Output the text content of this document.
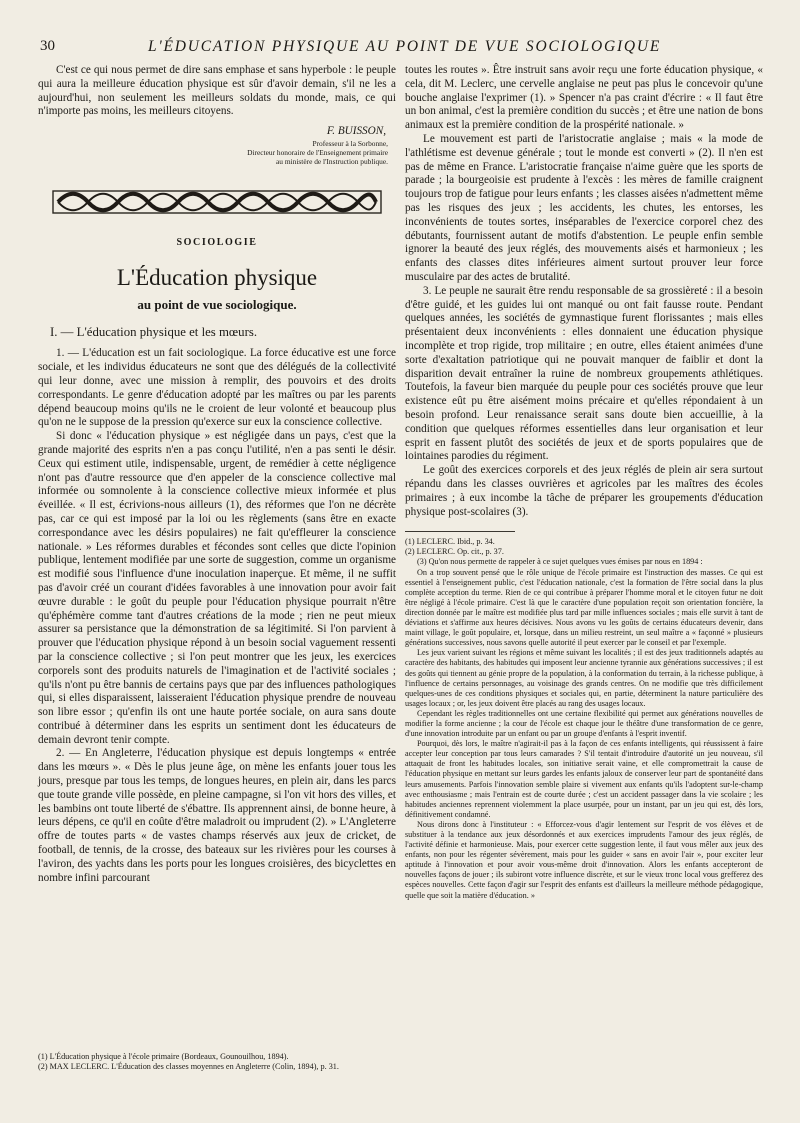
30	L'ÉDUCATION PHYSIQUE AU POINT DE VUE SOCIOLOGIQUE

C'est ce qui nous permet de dire sans emphase et sans hyperbole : le peuple qui aura la meilleure éducation physique est sûr d'avoir demain, s'il ne les a aujourd'hui, non seulement les meilleurs soldats du monde, mais, ce qui n'importe pas moins, les meilleurs citoyens.

F. BUISSON,
Professeur à la Sorbonne,
Directeur honoraire de l'Enseignement primaire
au ministère de l'Instruction publique.
SOCIOLOGIE
L'Éducation physique
au point de vue sociologique.
I. — L'éducation physique et les mœurs.

1. — L'éducation est un fait sociologique. La force éducative est une force sociale, et les individus éducateurs ne sont que des délégués de la collectivité qui leur donne, avec une mission à remplir, des pouvoirs et des droits correspondants. Le genre d'éducation adopté par les maîtres ou par les parents dépend beaucoup moins qu'ils ne le croient de leur volonté et beaucoup plus qu'on ne le suppose de la pression qu'exerce sur eux la conscience collective.

Si donc « l'éducation physique » est négligée dans un pays, c'est que la grande majorité des esprits n'en a pas conçu l'utilité, n'en a pas senti le désir. Ceux qui estiment utile, indispensable, urgent, de remédier à cette négligence n'ont pas d'autre ressource que d'en appeler de la conscience collective mal informée ou somnolente à la conscience collective mieux informée et plus éveillée. « Il est, écrivions-nous ailleurs (1), des réformes que l'on ne décrète pas, car ce qui est imposé par la loi ou les règlements (sans être en exacte correspondance avec les désirs populaires) ne fait qu'effleurer la conscience nationale. » Les réformes durables et fécondes sont celles que dicte l'opinion publique, lentement modifiée par une sorte de suggestion, comme un organisme est modifié sous l'influence d'une inoculation inaperçue. Et même, il ne suffit pas d'avoir créé un courant d'idées favorables à une innovation pour avoir fait œuvre durable : le goût du peuple pour l'éducation physique pourrait n'être qu'éphémère comme tant d'autres créations de la mode ; rien ne peut mieux assurer sa persistance que la démonstration de sa légitimité. Si l'on parvient à prouver que l'éducation physique répond à un besoin social vaguement ressenti par la conscience collective ; si l'on peut montrer que les jeux, les exercices corporels sont des produits naturels de l'imagination et de l'activité sociales ; qu'ils n'ont pu être bannis de certains pays que par des influences pathologiques qui, si elles disparaissent, laisseraient l'éducation physique prendre de nouveau son libre essor ; qu'enfin ils ont une haute portée sociale, on aura sans doute contribué à déterminer dans les esprits un sentiment dont les éducateurs de demain devront tenir compte.

2. — En Angleterre, l'éducation physique est depuis longtemps « entrée dans les mœurs ». « Dès le plus jeune âge, on mène les enfants jouer tous les jours, presque par tous les temps, de longues heures, en plein air, dans les parcs que toute grande ville possède, en pleine campagne, si l'on vit hors des villes, et les bambins ont toute liberté de s'ébattre. Ils apprennent ainsi, de bonne heure, à leurs dépens, ce qu'il en coûte d'être maladroit ou imprudent (2). » L'Angleterre offre de toutes parts « de vastes champs réservés aux jeux de cricket, de football, de tennis, de la crosse, des bateaux sur les rivières pour les courses à l'aviron, des yachts dans les ports pour les longues croisières, des bicyclettes en nombre infini parcourant

(1) L'Éducation physique à l'école primaire (Bordeaux, Gounouilhou, 1894).
(2) MAX LECLERC. L'Éducation des classes moyennes en Angleterre (Colin, 1894), p. 31.

toutes les routes ». Être instruit sans avoir reçu une forte éducation physique, « cela, dit M. Leclerc, une cervelle anglaise ne peut pas plus le concevoir qu'une bouche anglaise l'exprimer (1). » Spencer n'a pas craint d'écrire : « Il faut être un bon animal, c'est la première condition du succès ; et être une nation de bons animaux est la première condition de la prospérité nationale. »

Le mouvement est parti de l'aristocratie anglaise ; mais « la mode de l'athlétisme est devenue générale ; tout le monde est converti » (2). Il n'en est pas de même en France. L'aristocratie française n'aime guère que les sports de parade ; la bourgeoisie est prudente à l'excès : les mères de famille craignent toujours trop de fatigue pour leurs enfants ; les classes aisées n'admettent même pas les risques des jeux ; les accidents, les chutes, les entorses, les inconvénients de toutes sortes, inséparables de l'exercice corporel chez des débutants, fournissent autant de motifs d'abstention. Le peuple enfin semble ignorer la beauté des jeux réglés, des mouvements aisés et harmonieux ; les enfants des classes dites inférieures aiment surtout prouver leur force musculaire par des actes de brutalité.

3. Le peuple ne saurait être rendu responsable de sa grossièreté : il a besoin d'être guidé, et les guides lui ont manqué ou ont fait fausse route. Pendant quelques années, les sociétés de gymnastique furent florissantes ; mais elles présentaient deux inconvénients : elles donnaient une éducation physique incomplète et trop rigide, trop militaire ; en outre, elles étaient animées d'une sorte d'exaltation patriotique qui ne pouvait manquer de faiblir et dont la disparition devait entraîner la ruine de nombreux groupements athlétiques. Toutefois, la faveur bien marquée du peuple pour ces sociétés prouve que leur existence eût pu être aisément moins précaire et qu'elles répondaient à un besoin profond. Leur renaissance serait sans doute bien accueillie, à la condition que quelques réformes essentielles dans leur organisation et leur esprit en fassent plutôt des sociétés de jeux et de sports populaires que de lointaines parodies du régiment.

Le goût des exercices corporels et des jeux réglés de plein air sera surtout répandu dans les classes ouvrières et agricoles par les maîtres des écoles primaires ; à eux incombe la tâche de préparer les groupements d'éducation physique post-scolaires (3).

(1) LECLERC. Ibid., p. 34.
(2) LECLERC. Op. cit., p. 37.

(3) Qu'on nous permette de rappeler à ce sujet quelques vues émises par nous en 1894 :

On a trop souvent pensé que le rôle unique de l'école primaire est l'instruction des masses. Ce qui est essentiel à l'enseignement public, c'est l'éducation nationale, c'est la formation de l'être social dans la plus complète acception du terme. Rien de ce qui contribue à préparer l'homme moral et le citoyen futur ne doit être négligé à l'école primaire. C'est là que le caractère d'une population reçoit son orientation foncière, la direction donnée par le maître est modifiée plus tard par mille influences sociales ; mais elle survit à tant de déviations et s'affirme aux heures décisives. Nous avons vu les goûts de certains éducateurs devenir, dans maint village, le goût populaire, et, lorsque, dans un milieu restreint, un seul maître a « façonné » plusieurs générations successives, nous savons quelle autorité il peut exercer par le conseil et par l'exemple.

Les jeux varient suivant les régions et même suivant les localités ; il est des jeux traditionnels adaptés au caractère des habitants, des habitudes qui imposent leur ancienne tyrannie aux générations successives ; il est des goûts qui tiennent au génie propre de la population, à la conformation du terrain, à la richesse publique, à l'influence de certains personnages, au voisinage des grands centres. On ne modifie que très difficilement quelques-unes de ces conditions physiques et sociales qui, en partie, déterminent la nature particulière des usages locaux ; or, les jeux doivent être placés au rang des usages locaux.

Cependant les règles traditionnelles ont une certaine flexibilité qui permet aux générations nouvelles de modifier la forme ancienne ; la cour de l'école est chaque jour le théâtre d'une transformation de ce genre, d'une innovation introduite par un enfant ou par un groupe d'enfants à l'esprit inventif.

Pourquoi, dès lors, le maître n'agirait-il pas à la façon de ces enfants intelligents, qui réussissent à faire accepter leur conception par tous leurs camarades ? S'il tentait d'introduire d'autorité un jeu nouveau, s'il attaquait de front les habitudes locales, son initiative serait vaine, et elle compromettrait la cause de l'éducation physique en mettant sur leurs gardes les enfants jaloux de conserver leur part de spontanéité dans leurs amusements. Parfois l'innovation semble plaire si vivement aux enfants qu'ils l'adoptent sur-le-champ avec enthousiasme ; mais l'entrain est de courte durée ; c'est un accident passager dans la vie scolaire ; les habitudes anciennes reprennent violemment la place usurpée, pour un instant, par un jeu qui est, dès lors, définitivement condamné.

Nous dirons donc à l'instituteur : « Efforcez-vous d'agir lentement sur l'esprit de vos élèves et de substituer à la tendance aux jeux désordonnés et aux exercices imprudents l'amour des jeux réglés, de l'activité définie et harmonieuse. Mais, pour exercer cette suggestion lente, il faut vous mêler aux jeux des enfants, non pour les régenter sévèrement, mais pour les guider « sans en avoir l'air », pour exciter leur aptitude à l'innovation et pour avoir vous-même droit d'innovation. Alors les enfants accepteront de nouvelles façons de jouer ; ils subiront votre influence discrète, et sur le vieux tronc local vous grefferez des espèces nouvelles. Cette façon d'agir sur l'esprit des enfants est d'ailleurs la meilleure méthode pédagogique, quelle que soit la matière d'éducation. »
